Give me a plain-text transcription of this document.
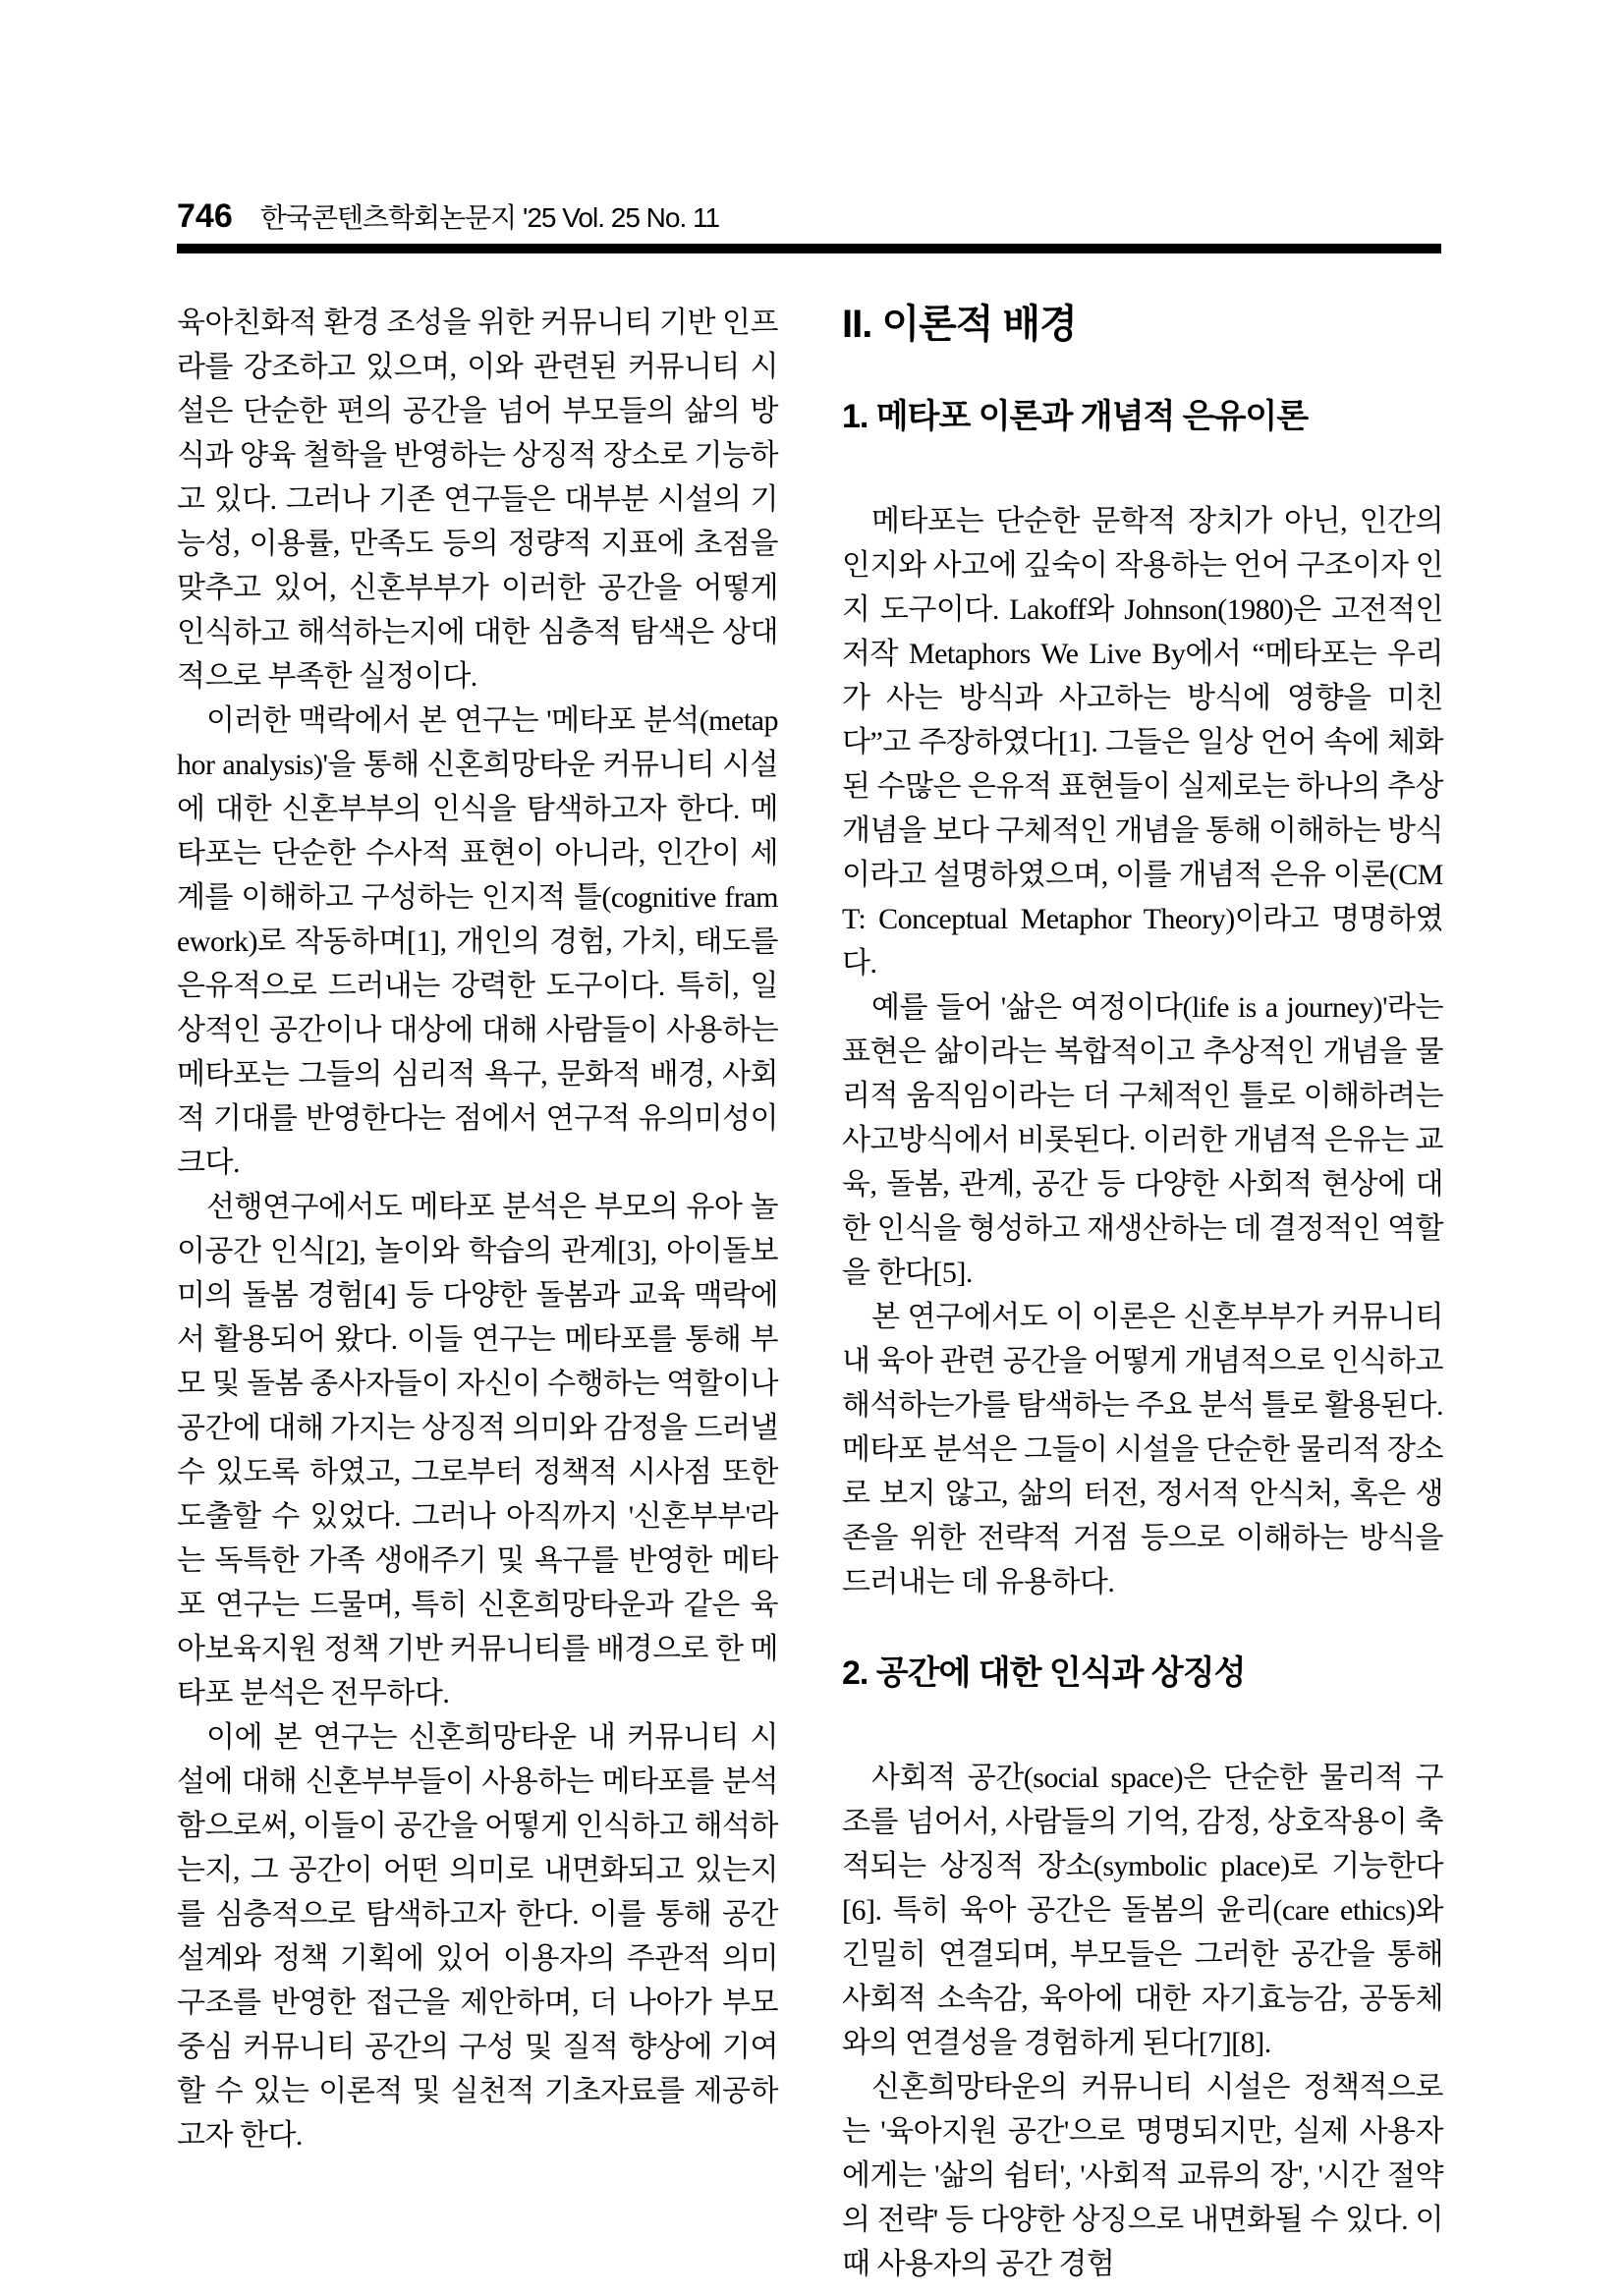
746 한국콘텐츠학회논문지 '25 Vol. 25 No. 11

육아친화적 환경 조성을 위한 커뮤니티 기반 인프라를 강조하고 있으며, 이와 관련된 커뮤니티 시설은 단순한 편의 공간을 넘어 부모들의 삶의 방식과 양육 철학을 반영하는 상징적 장소로 기능하고 있다. 그러나 기존 연구들은 대부분 시설의 기능성, 이용률, 만족도 등의 정량적 지표에 초점을 맞추고 있어, 신혼부부가 이러한 공간을 어떻게 인식하고 해석하는지에 대한 심층적 탐색은 상대적으로 부족한 실정이다.

이러한 맥락에서 본 연구는 '메타포 분석(metaphor analysis)'을 통해 신혼희망타운 커뮤니티 시설에 대한 신혼부부의 인식을 탐색하고자 한다. 메타포는 단순한 수사적 표현이 아니라, 인간이 세계를 이해하고 구성하는 인지적 틀(cognitive framework)로 작동하며[1], 개인의 경험, 가치, 태도를 은유적으로 드러내는 강력한 도구이다. 특히, 일상적인 공간이나 대상에 대해 사람들이 사용하는 메타포는 그들의 심리적 욕구, 문화적 배경, 사회적 기대를 반영한다는 점에서 연구적 유의미성이 크다.

선행연구에서도 메타포 분석은 부모의 유아 놀이공간 인식[2], 놀이와 학습의 관계[3], 아이돌보미의 돌봄 경험[4] 등 다양한 돌봄과 교육 맥락에서 활용되어 왔다. 이들 연구는 메타포를 통해 부모 및 돌봄 종사자들이 자신이 수행하는 역할이나 공간에 대해 가지는 상징적 의미와 감정을 드러낼 수 있도록 하였고, 그로부터 정책적 시사점 또한 도출할 수 있었다. 그러나 아직까지 '신혼부부'라는 독특한 가족 생애주기 및 욕구를 반영한 메타포 연구는 드물며, 특히 신혼희망타운과 같은 육아보육지원 정책 기반 커뮤니티를 배경으로 한 메타포 분석은 전무하다.

이에 본 연구는 신혼희망타운 내 커뮤니티 시설에 대해 신혼부부들이 사용하는 메타포를 분석함으로써, 이들이 공간을 어떻게 인식하고 해석하는지, 그 공간이 어떤 의미로 내면화되고 있는지를 심층적으로 탐색하고자 한다. 이를 통해 공간 설계와 정책 기획에 있어 이용자의 주관적 의미 구조를 반영한 접근을 제안하며, 더 나아가 부모 중심 커뮤니티 공간의 구성 및 질적 향상에 기여할 수 있는 이론적 및 실천적 기초자료를 제공하고자 한다.

II. 이론적 배경
1. 메타포 이론과 개념적 은유이론

메타포는 단순한 문학적 장치가 아닌, 인간의 인지와 사고에 깊숙이 작용하는 언어 구조이자 인지 도구이다. Lakoff와 Johnson(1980)은 고전적인 저작 Metaphors We Live By에서 “메타포는 우리가 사는 방식과 사고하는 방식에 영향을 미친다”고 주장하였다[1]. 그들은 일상 언어 속에 체화된 수많은 은유적 표현들이 실제로는 하나의 추상 개념을 보다 구체적인 개념을 통해 이해하는 방식이라고 설명하였으며, 이를 개념적 은유 이론(CMT: Conceptual Metaphor Theory)이라고 명명하였다.

예를 들어 '삶은 여정이다(life is a journey)'라는 표현은 삶이라는 복합적이고 추상적인 개념을 물리적 움직임이라는 더 구체적인 틀로 이해하려는 사고방식에서 비롯된다. 이러한 개념적 은유는 교육, 돌봄, 관계, 공간 등 다양한 사회적 현상에 대한 인식을 형성하고 재생산하는 데 결정적인 역할을 한다[5].

본 연구에서도 이 이론은 신혼부부가 커뮤니티 내 육아 관련 공간을 어떻게 개념적으로 인식하고 해석하는가를 탐색하는 주요 분석 틀로 활용된다. 메타포 분석은 그들이 시설을 단순한 물리적 장소로 보지 않고, 삶의 터전, 정서적 안식처, 혹은 생존을 위한 전략적 거점 등으로 이해하는 방식을 드러내는 데 유용하다.

2. 공간에 대한 인식과 상징성

사회적 공간(social space)은 단순한 물리적 구조를 넘어서, 사람들의 기억, 감정, 상호작용이 축적되는 상징적 장소(symbolic place)로 기능한다[6]. 특히 육아 공간은 돌봄의 윤리(care ethics)와 긴밀히 연결되며, 부모들은 그러한 공간을 통해 사회적 소속감, 육아에 대한 자기효능감, 공동체와의 연결성을 경험하게 된다[7][8].

신혼희망타운의 커뮤니티 시설은 정책적으로는 '육아지원 공간'으로 명명되지만, 실제 사용자에게는 '삶의 쉼터', '사회적 교류의 장', '시간 절약의 전략' 등 다양한 상징으로 내면화될 수 있다. 이때 사용자의 공간 경험
